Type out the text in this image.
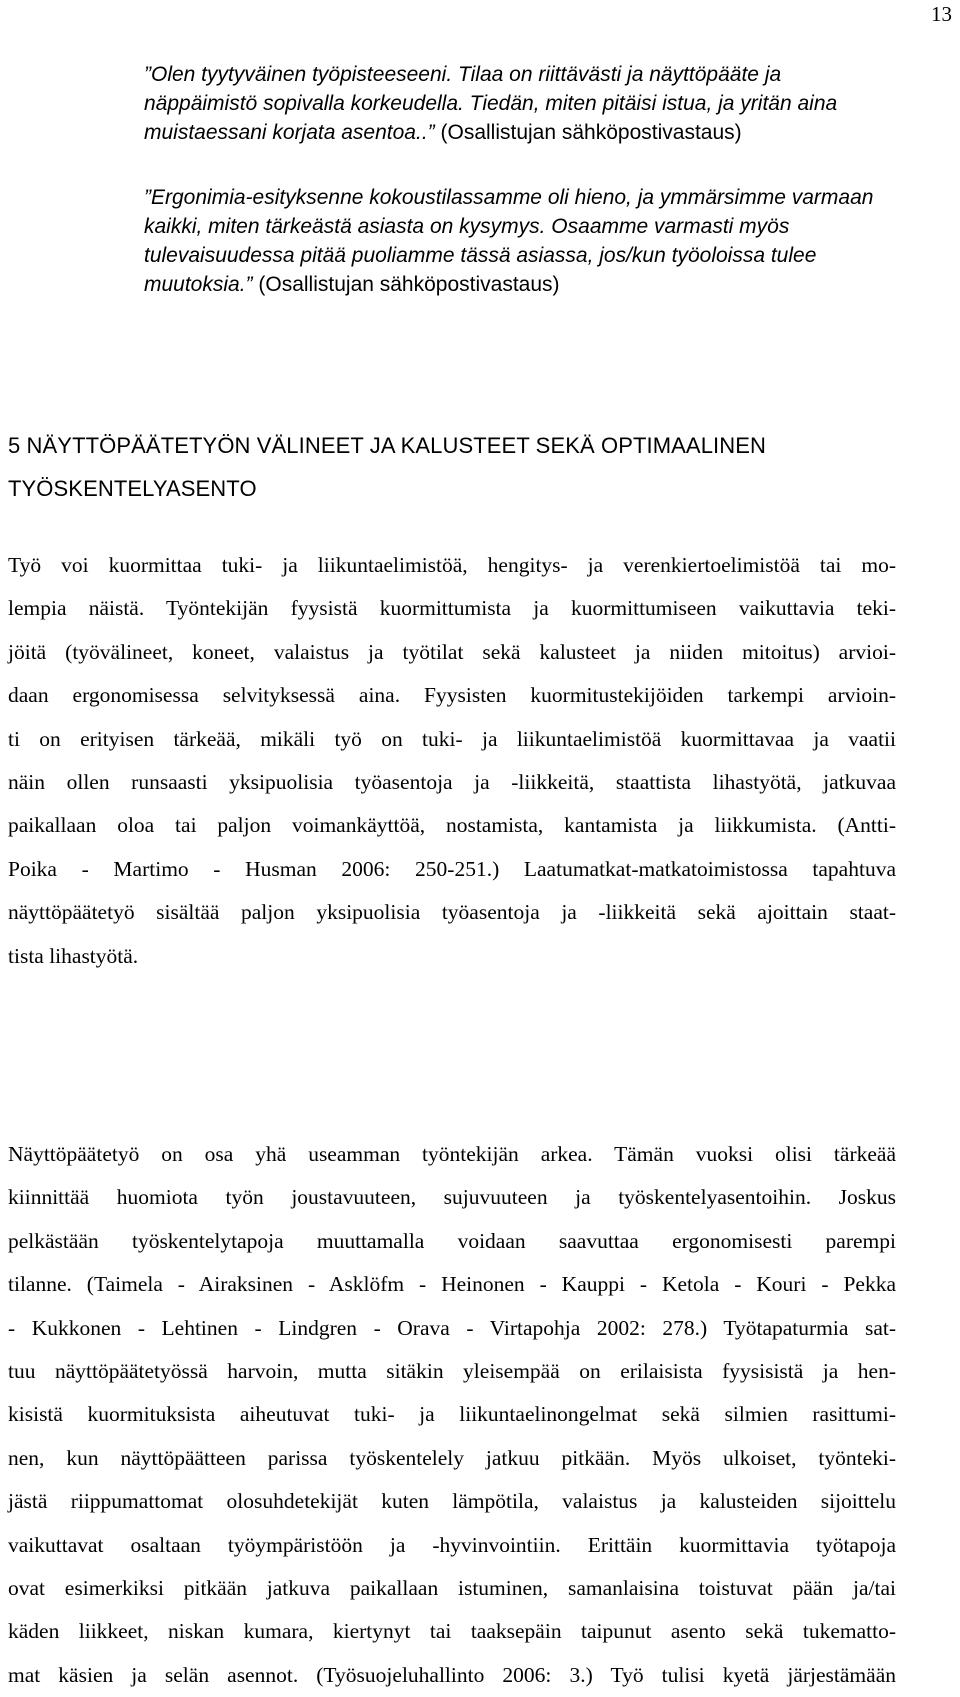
13

”Olen tyytyväinen työpisteeseeni. Tilaa on riittävästi ja näyttöpääte ja näppäimistö sopivalla korkeudella. Tiedän, miten pitäisi istua, ja yritän aina muistaessani korjata asentoa..” (Osallistujan sähköpostivastaus)

”Ergonimia-esityksenne kokoustilassamme oli hieno, ja ymmärsimme varmaan kaikki, miten tärkeästä asiasta on kysymys. Osaamme varmasti myös tulevaisuudessa pitää puoliamme tässä asiassa, jos/kun työoloissa tulee muutoksia.” (Osallistujan sähköpostivastaus)

5 NÄYTTÖPÄÄTETYÖN VÄLINEET JA KALUSTEET SEKÄ OPTIMAALINEN TYÖSKENTELYASENTO
Työ voi kuormittaa tuki- ja liikuntaelimistöä, hengitys- ja verenkiertoelimistöä tai mo-
lempia näistä. Työntekijän fyysistä kuormittumista ja kuormittumiseen vaikuttavia teki-
jöitä (työvälineet, koneet, valaistus ja työtilat sekä kalusteet ja niiden mitoitus) arvioi-
daan ergonomisessa selvityksessä aina. Fyysisten kuormitustekijöiden tarkempi arvioin-
ti on erityisen tärkeää, mikäli työ on tuki- ja liikuntaelimistöä kuormittavaa ja vaatii
näin ollen runsaasti yksipuolisia työasentoja ja -liikkeitä, staattista lihastyötä, jatkuvaa
paikallaan oloa tai paljon voimankäyttöä, nostamista, kantamista ja liikkumista. (Antti-
Poika - Martimo - Husman 2006: 250-251.) Laatumatkat-matkatoimistossa tapahtuva
näyttöpäätetyö sisältää paljon yksipuolisia työasentoja ja -liikkeitä sekä ajoittain staat-
tista lihastyötä.
Näyttöpäätetyö on osa yhä useamman työntekijän arkea. Tämän vuoksi olisi tärkeää
kiinnittää huomiota työn joustavuuteen, sujuvuuteen ja työskentelyasentoihin. Joskus
pelkästään työskentelytapoja muuttamalla voidaan saavuttaa ergonomisesti parempi
tilanne. (Taimela - Airaksinen - Asklöfm - Heinonen - Kauppi - Ketola - Kouri - Pekka
- Kukkonen - Lehtinen - Lindgren - Orava - Virtapohja 2002: 278.) Työtapaturmia sat-
tuu näyttöpäätetyössä harvoin, mutta sitäkin yleisempää on erilaisista fyysisistä ja hen-
kisistä kuormituksista aiheutuvat tuki- ja liikuntaelinongelmat sekä silmien rasittumi-
nen, kun näyttöpäätteen parissa työskentelely jatkuu pitkään. Myös ulkoiset, työnteki-
jästä riippumattomat olosuhdetekijät kuten lämpötila, valaistus ja kalusteiden sijoittelu
vaikuttavat osaltaan työympäristöön ja -hyvinvointiin. Erittäin kuormittavia työtapoja
ovat esimerkiksi pitkään jatkuva paikallaan istuminen, samanlaisina toistuvat pään ja/tai
käden liikkeet, niskan kumara, kiertynyt tai taaksepäin taipunut asento sekä tukematto-
mat käsien ja selän asennot. (Työsuojeluhallinto 2006: 3.) Työ tulisi kyetä järjestämään
